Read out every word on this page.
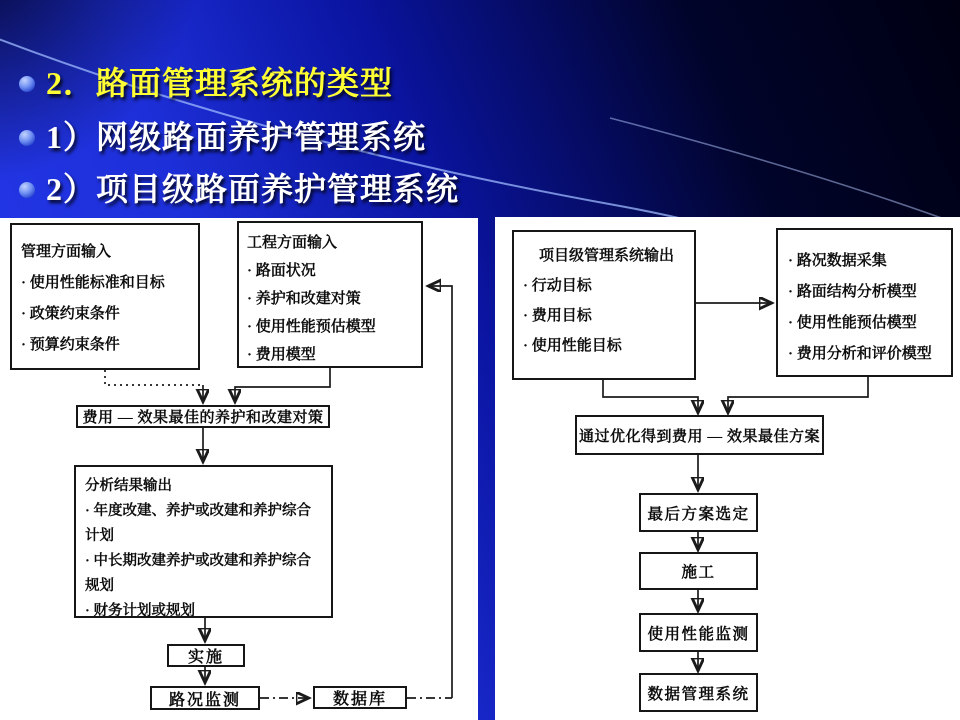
2．路面管理系统的类型
1）网级路面养护管理系统
2）项目级路面养护管理系统
管理方面输入
· 使用性能标准和目标
· 政策约束条件
· 预算约束条件
工程方面输入
· 路面状况
· 养护和改建对策
· 使用性能预估模型
· 费用模型
费用 — 效果最佳的养护和改建对策
分析结果输出
· 年度改建、养护或改建和养护综合
计划
· 中长期改建养护或改建和养护综合
规划
· 财务计划或规划
实施
路况监测	数据库
项目级管理系统输出
· 行动目标
· 费用目标
· 使用性能目标
· 路况数据采集
· 路面结构分析模型
· 使用性能预估模型
· 费用分析和评价模型
通过优化得到费用 — 效果最佳方案
最后方案选定
施工
使用性能监测
数据管理系统
